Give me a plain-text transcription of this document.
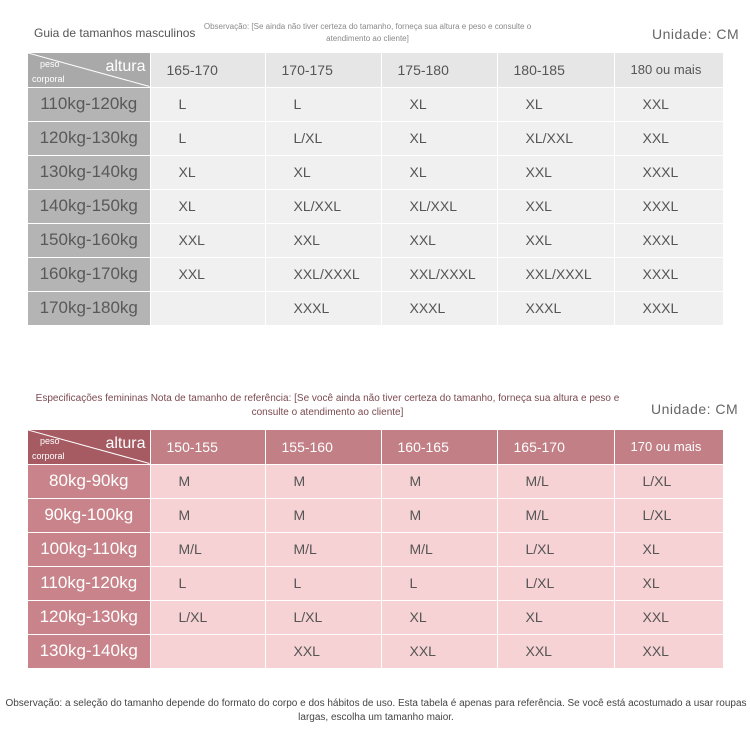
Guia de tamanhos masculinos	Observação: [Se ainda não tiver certeza do tamanho, forneça sua altura e peso e consulte o atendimento ao cliente]	Unidade: CM
peso
corporal
altura	165-170	170-175	175-180	180-185	180 ou mais
110kg-120kg	L	L	XL	XL	XXL
120kg-130kg	L	L/XL	XL	XL/XXL	XXL
130kg-140kg	XL	XL	XL	XXL	XXXL
140kg-150kg	XL	XL/XXL	XL/XXL	XXL	XXXL
150kg-160kg	XXL	XXL	XXL	XXL	XXXL
160kg-170kg	XXL	XXL/XXXL	XXL/XXXL	XXL/XXXL	XXXL
170kg-180kg		XXXL	XXXL	XXXL	XXXL
Especificações femininas Nota de tamanho de referência: [Se você ainda não tiver certeza do tamanho, forneça sua altura e peso e consulte o atendimento ao cliente]	Unidade: CM
peso
corporal
altura	150-155	155-160	160-165	165-170	170 ou mais
80kg-90kg	M	M	M	M/L	L/XL
90kg-100kg	M	M	M	M/L	L/XL
100kg-110kg	M/L	M/L	M/L	L/XL	XL
110kg-120kg	L	L	L	L/XL	XL
120kg-130kg	L/XL	L/XL	XL	XL	XXL
130kg-140kg		XXL	XXL	XXL	XXL
Observação: a seleção do tamanho depende do formato do corpo e dos hábitos de uso. Esta tabela é apenas para referência. Se você está acostumado a usar roupas largas, escolha um tamanho maior.
